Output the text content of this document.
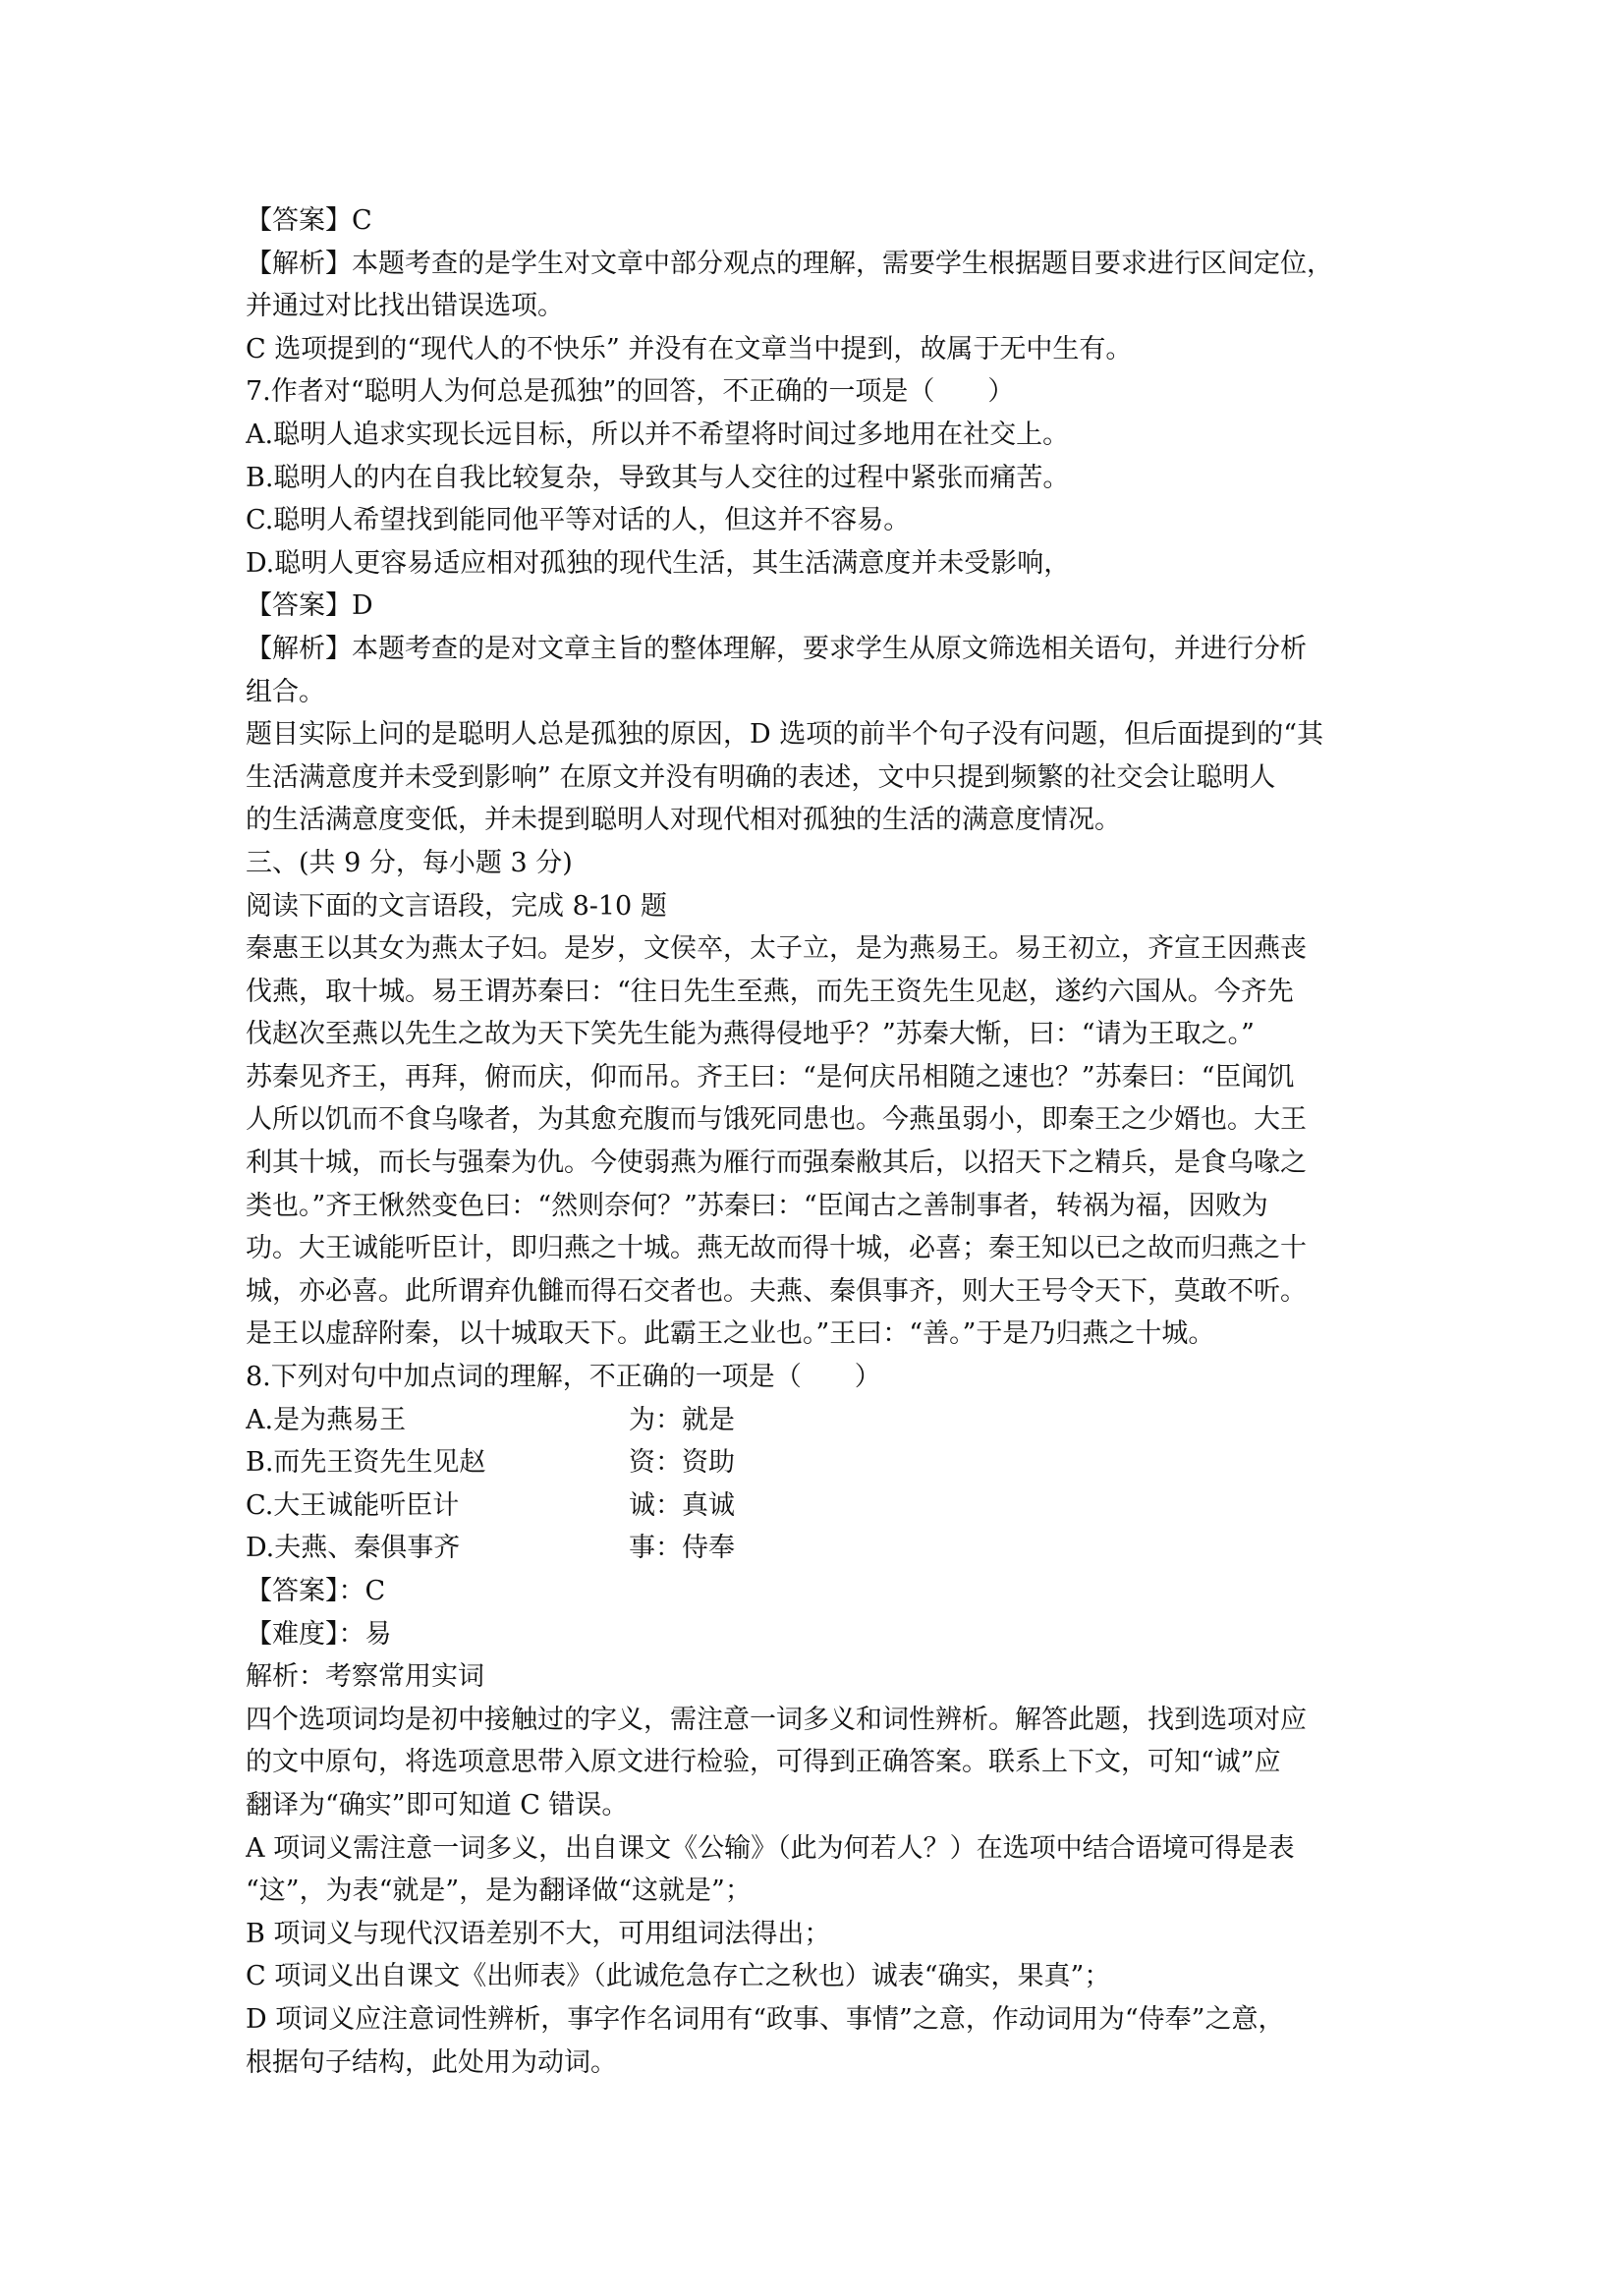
【答案】C
【解析】本题考查的是学生对文章中部分观点的理解，需要学生根据题目要求进行区间定位，
并通过对比找出错误选项。
C 选项提到的“现代人的不快乐” 并没有在文章当中提到，故属于无中生有。
7.作者对“聪明人为何总是孤独”的回答，不正确的一项是（　　）
A.聪明人追求实现长远目标，所以并不希望将时间过多地用在社交上。
B.聪明人的内在自我比较复杂，导致其与人交往的过程中紧张而痛苦。
C.聪明人希望找到能同他平等对话的人，但这并不容易。
D.聪明人更容易适应相对孤独的现代生活，其生活满意度并未受影响，
【答案】D
【解析】本题考查的是对文章主旨的整体理解，要求学生从原文筛选相关语句，并进行分析
组合。
题目实际上问的是聪明人总是孤独的原因，D 选项的前半个句子没有问题，但后面提到的“其
生活满意度并未受到影响” 在原文并没有明确的表述，文中只提到频繁的社交会让聪明人
的生活满意度变低，并未提到聪明人对现代相对孤独的生活的满意度情况。
三、(共 9 分，每小题 3 分)
阅读下面的文言语段，完成 8-10 题
秦惠王以其女为燕太子妇。是岁，文侯卒，太子立，是为燕易王。易王初立，齐宣王因燕丧
伐燕，取十城。易王谓苏秦曰：“往日先生至燕，而先王资先生见赵，遂约六国从。今齐先
伐赵次至燕以先生之故为天下笑先生能为燕得侵地乎？”苏秦大惭，曰：“请为王取之。”
苏秦见齐王，再拜，俯而庆，仰而吊。齐王曰：“是何庆吊相随之速也？”苏秦曰：“臣闻饥
人所以饥而不食乌喙者，为其愈充腹而与饿死同患也。今燕虽弱小，即秦王之少婿也。大王
利其十城，而长与强秦为仇。今使弱燕为雁行而强秦敝其后，以招天下之精兵，是食乌喙之
类也。”齐王愀然变色曰：“然则奈何？”苏秦曰：“臣闻古之善制事者，转祸为福，因败为
功。大王诚能听臣计，即归燕之十城。燕无故而得十城，必喜；秦王知以已之故而归燕之十
城，亦必喜。此所谓弃仇雠而得石交者也。夫燕、秦俱事齐，则大王号令天下，莫敢不听。
是王以虚辞附秦，以十城取天下。此霸王之业也。”王曰：“善。”于是乃归燕之十城。
8.下列对句中加点词的理解，不正确的一项是（　　）
A.是为燕易王	为：就是
B.而先王资先生见赵	资：资助
C.大王诚能听臣计	诚：真诚
D.夫燕、秦俱事齐	事：侍奉
【答案】：C
【难度】：易
解析：考察常用实词
四个选项词均是初中接触过的字义，需注意一词多义和词性辨析。解答此题，找到选项对应
的文中原句，将选项意思带入原文进行检验，可得到正确答案。联系上下文，可知“诚”应
翻译为“确实”即可知道 C 错误。
A 项词义需注意一词多义，出自课文《公输》（此为何若人？）在选项中结合语境可得是表
“这”，为表“就是”，是为翻译做“这就是”；
B 项词义与现代汉语差别不大，可用组词法得出；
C 项词义出自课文《出师表》（此诚危急存亡之秋也）诚表“确实，果真”；
D 项词义应注意词性辨析，事字作名词用有“政事、事情”之意，作动词用为“侍奉”之意，
根据句子结构，此处用为动词。
